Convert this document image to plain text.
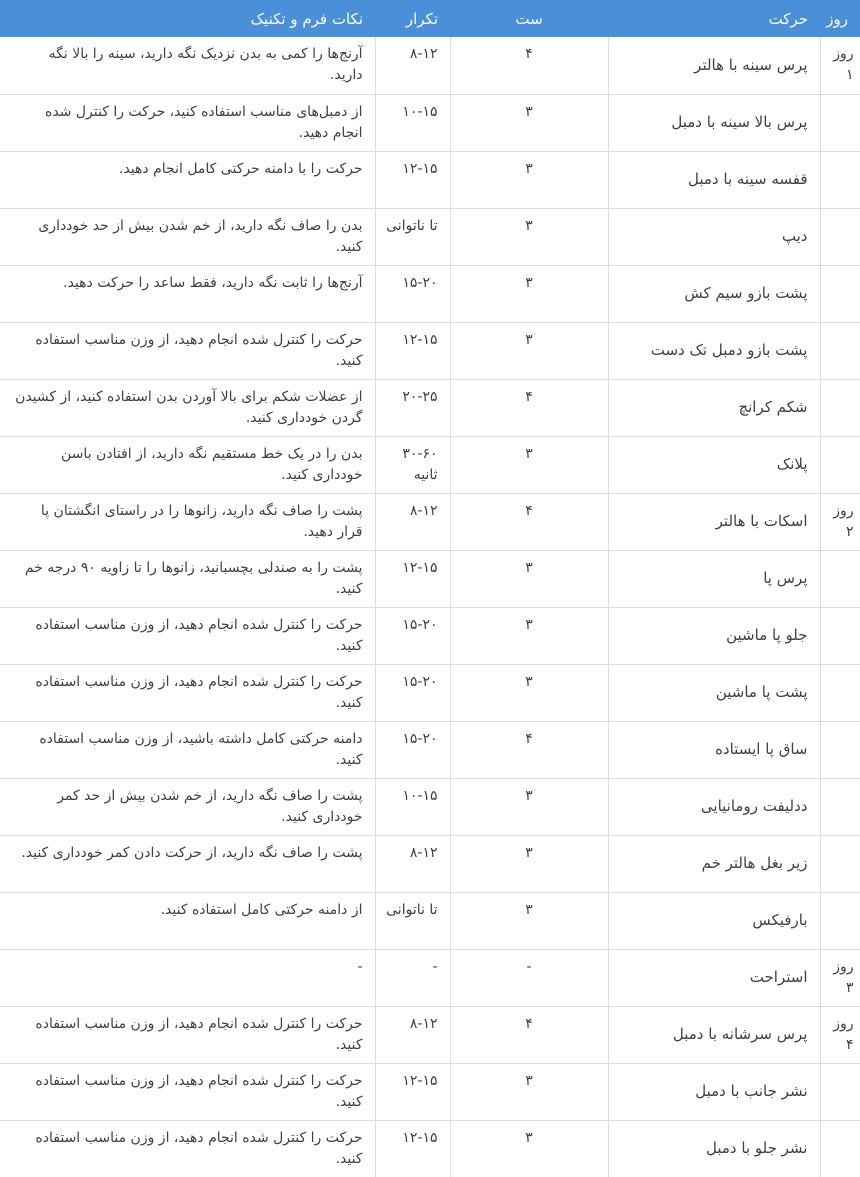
روز	حرکت	ست	تکرار	نکات فرم و تکنیک
روز ۱	پرس سینه با هالتر	۴	۸-۱۲	آرنج‌ها را کمی به بدن نزدیک نگه دارید، سینه را بالا نگه دارید.
	پرس بالا سینه با دمبل	۳	۱۰-۱۵	از دمبل‌های مناسب استفاده کنید، حرکت را کنترل شده انجام دهید.
	قفسه سینه با دمبل	۳	۱۲-۱۵	حرکت را با دامنه حرکتی کامل انجام دهید.
	دیپ	۳	تا ناتوانی	بدن را صاف نگه دارید، از خم شدن بیش از حد خودداری کنید.
	پشت بازو سیم کش	۳	۱۵-۲۰	آرنج‌ها را ثابت نگه دارید، فقط ساعد را حرکت دهید.
	پشت بازو دمبل تک دست	۳	۱۲-۱۵	حرکت را کنترل شده انجام دهید، از وزن مناسب استفاده کنید.
	شکم کرانچ	۴	۲۰-۲۵	از عضلات شکم برای بالا آوردن بدن استفاده کنید، از کشیدن گردن خودداری کنید.
	پلانک	۳	۳۰-۶۰ ثانیه	بدن را در یک خط مستقیم نگه دارید، از افتادن باسن خودداری کنید.
روز ۲	اسکات با هالتر	۴	۸-۱۲	پشت را صاف نگه دارید، زانوها را در راستای انگشتان پا قرار دهید.
	پرس پا	۳	۱۲-۱۵	پشت را به صندلی بچسبانید، زانوها را تا زاویه ۹۰ درجه خم کنید.
	جلو پا ماشین	۳	۱۵-۲۰	حرکت را کنترل شده انجام دهید، از وزن مناسب استفاده کنید.
	پشت پا ماشین	۳	۱۵-۲۰	حرکت را کنترل شده انجام دهید، از وزن مناسب استفاده کنید.
	ساق پا ایستاده	۴	۱۵-۲۰	دامنه حرکتی کامل داشته باشید، از وزن مناسب استفاده کنید.
	ددلیفت رومانیایی	۳	۱۰-۱۵	پشت را صاف نگه دارید، از خم شدن بیش از حد کمر خودداری کنید.
	زیر بغل هالتر خم	۳	۸-۱۲	پشت را صاف نگه دارید، از حرکت دادن کمر خودداری کنید.
	بارفیکس	۳	تا ناتوانی	از دامنه حرکتی کامل استفاده کنید.
روز ۳	استراحت	-	-	-
روز ۴	پرس سرشانه با دمبل	۴	۸-۱۲	حرکت را کنترل شده انجام دهید، از وزن مناسب استفاده کنید.
	نشر جانب با دمبل	۳	۱۲-۱۵	حرکت را کنترل شده انجام دهید، از وزن مناسب استفاده کنید.
	نشر جلو با دمبل	۳	۱۲-۱۵	حرکت را کنترل شده انجام دهید، از وزن مناسب استفاده کنید.
